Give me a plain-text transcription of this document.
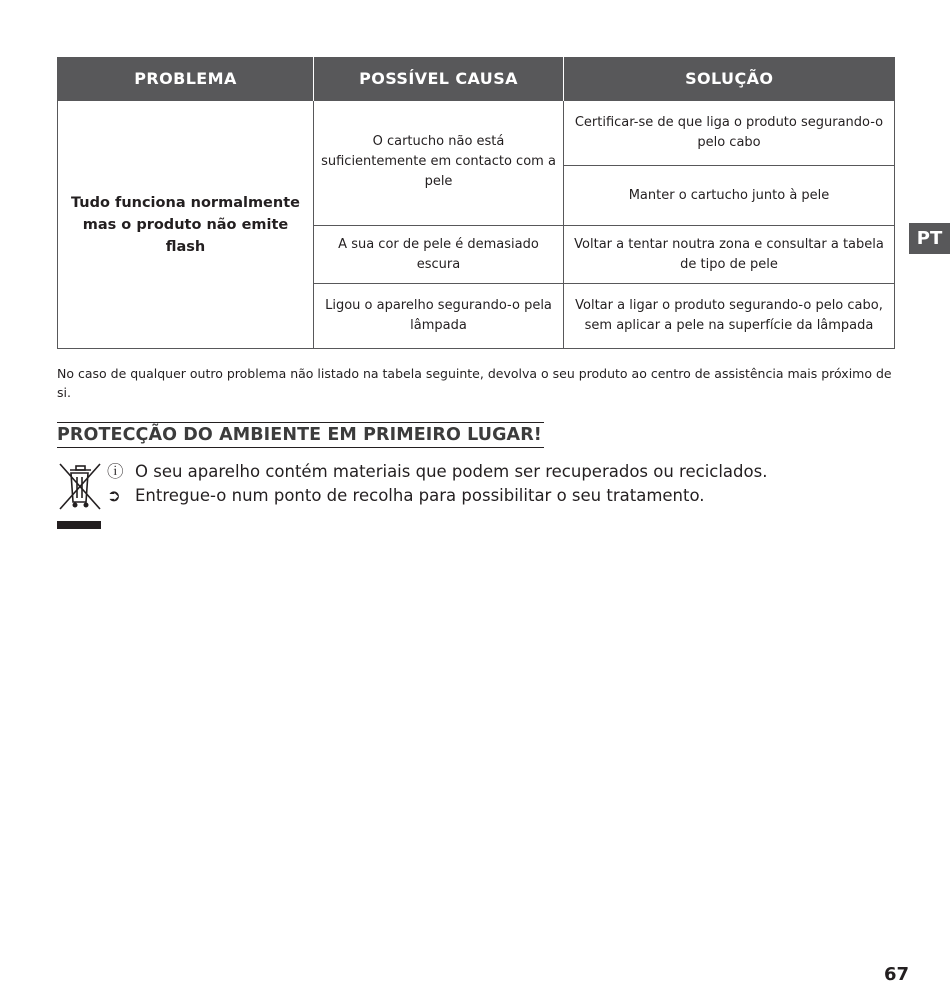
PROBLEMA	POSSÍVEL CAUSA	SOLUÇÃO
Tudo funciona normalmente mas o produto não emite flash	O cartucho não está suficientemente em contacto com a pele	Certificar-se de que liga o produto segurando-o pelo cabo
		Manter o cartucho junto à pele
	A sua cor de pele é demasiado escura	Voltar a tentar noutra zona e consultar a tabela de tipo de pele
	Ligou o aparelho segurando-o pela lâmpada	Voltar a ligar o produto segurando-o pelo cabo, sem aplicar a pele na superfície da lâmpada
No caso de qualquer outro problema não listado na tabela seguinte, devolva o seu produto ao centro de assistência mais próximo de si.
PROTECÇÃO DO AMBIENTE EM PRIMEIRO LUGAR!
ⓘ O seu aparelho contém materiais que podem ser recuperados ou reciclados.
➲ Entregue-o num ponto de recolha para possibilitar o seu tratamento.
PT
67
